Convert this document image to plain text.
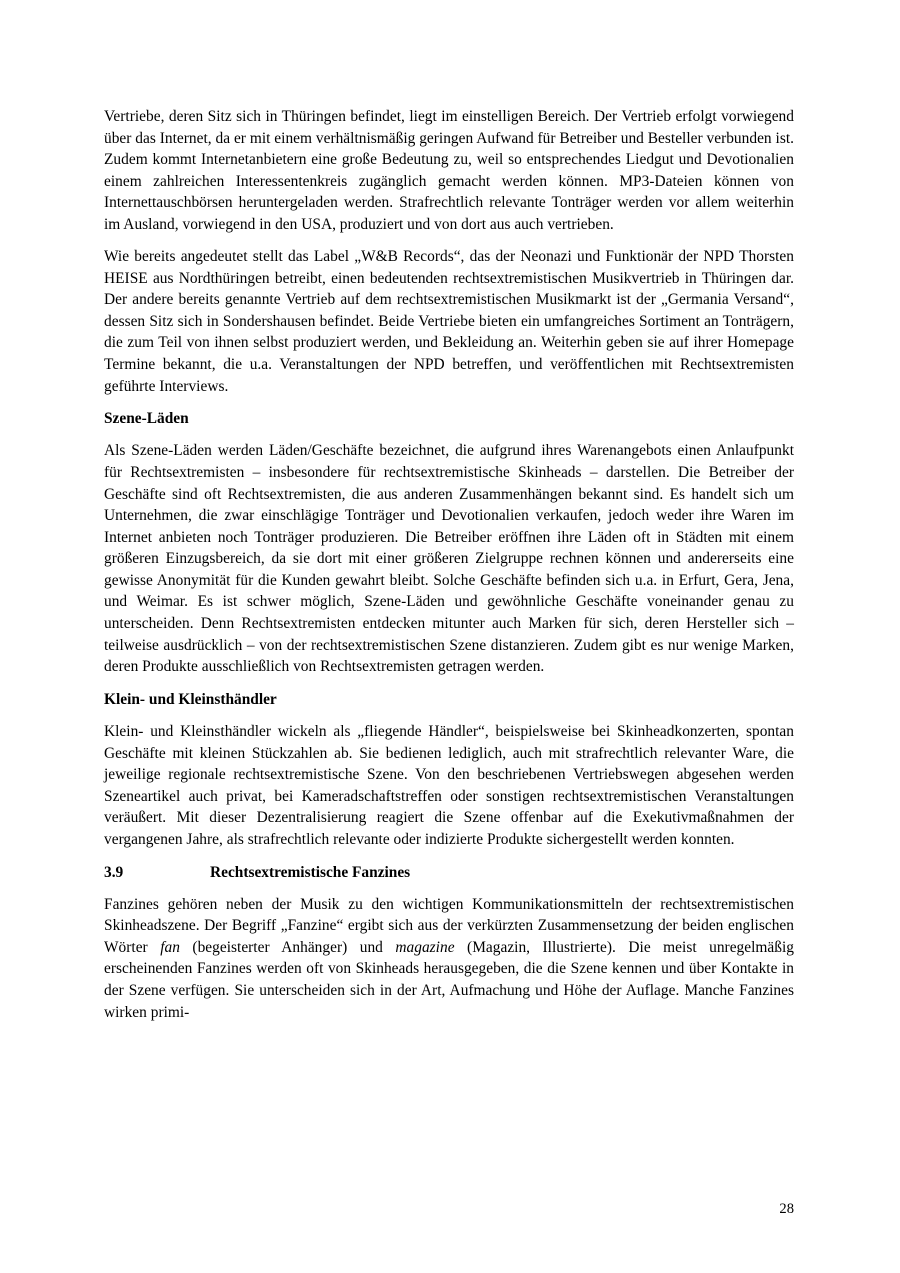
Vertriebe, deren Sitz sich in Thüringen befindet, liegt im einstelligen Bereich. Der Vertrieb erfolgt vorwiegend über das Internet, da er mit einem verhältnismäßig geringen Aufwand für Betreiber und Besteller verbunden ist. Zudem kommt Internetanbietern eine große Bedeutung zu, weil so entsprechendes Liedgut und Devotionalien einem zahlreichen Interessentenkreis zugänglich gemacht werden können. MP3-Dateien können von Internettauschbörsen heruntergeladen werden. Strafrechtlich relevante Tonträger werden vor allem weiterhin im Ausland, vorwiegend in den USA, produziert und von dort aus auch vertrieben.

Wie bereits angedeutet stellt das Label „W&B Records“, das der Neonazi und Funktionär der NPD Thorsten HEISE aus Nordthüringen betreibt, einen bedeutenden rechtsextremistischen Musikvertrieb in Thüringen dar. Der andere bereits genannte Vertrieb auf dem rechtsextremistischen Musikmarkt ist der „Germania Versand“, dessen Sitz sich in Sondershausen befindet. Beide Vertriebe bieten ein umfangreiches Sortiment an Tonträgern, die zum Teil von ihnen selbst produziert werden, und Bekleidung an. Weiterhin geben sie auf ihrer Homepage Termine bekannt, die u.a. Veranstaltungen der NPD betreffen, und veröffentlichen mit Rechtsextremisten geführte Interviews.

Szene-Läden

Als Szene-Läden werden Läden/Geschäfte bezeichnet, die aufgrund ihres Warenangebots einen Anlaufpunkt für Rechtsextremisten – insbesondere für rechtsextremistische Skinheads – darstellen. Die Betreiber der Geschäfte sind oft Rechtsextremisten, die aus anderen Zusammenhängen bekannt sind. Es handelt sich um Unternehmen, die zwar einschlägige Tonträger und Devotionalien verkaufen, jedoch weder ihre Waren im Internet anbieten noch Tonträger produzieren. Die Betreiber eröffnen ihre Läden oft in Städten mit einem größeren Einzugsbereich, da sie dort mit einer größeren Zielgruppe rechnen können und andererseits eine gewisse Anonymität für die Kunden gewahrt bleibt. Solche Geschäfte befinden sich u.a. in Erfurt, Gera, Jena, und Weimar. Es ist schwer möglich, Szene-Läden und gewöhnliche Geschäfte voneinander genau zu unterscheiden. Denn Rechtsextremisten entdecken mitunter auch Marken für sich, deren Hersteller sich – teilweise ausdrücklich – von der rechtsextremistischen Szene distanzieren. Zudem gibt es nur wenige Marken, deren Produkte ausschließlich von Rechtsextremisten getragen werden.

Klein- und Kleinsthändler

Klein- und Kleinsthändler wickeln als „fliegende Händler“, beispielsweise bei Skinheadkonzerten, spontan Geschäfte mit kleinen Stückzahlen ab. Sie bedienen lediglich, auch mit strafrechtlich relevanter Ware, die jeweilige regionale rechtsextremistische Szene. Von den beschriebenen Vertriebswegen abgesehen werden Szeneartikel auch privat, bei Kameradschaftstreffen oder sonstigen rechtsextremistischen Veranstaltungen veräußert. Mit dieser Dezentralisierung reagiert die Szene offenbar auf die Exekutivmaßnahmen der vergangenen Jahre, als strafrechtlich relevante oder indizierte Produkte sichergestellt werden konnten.

3.9	Rechtsextremistische Fanzines

Fanzines gehören neben der Musik zu den wichtigen Kommunikationsmitteln der rechtsextremistischen Skinheadszene. Der Begriff „Fanzine“ ergibt sich aus der verkürzten Zusammensetzung der beiden englischen Wörter fan (begeisterter Anhänger) und magazine (Magazin, Illustrierte). Die meist unregelmäßig erscheinenden Fanzines werden oft von Skinheads herausgegeben, die die Szene kennen und über Kontakte in der Szene verfügen. Sie unterscheiden sich in der Art, Aufmachung und Höhe der Auflage. Manche Fanzines wirken primi-

28
